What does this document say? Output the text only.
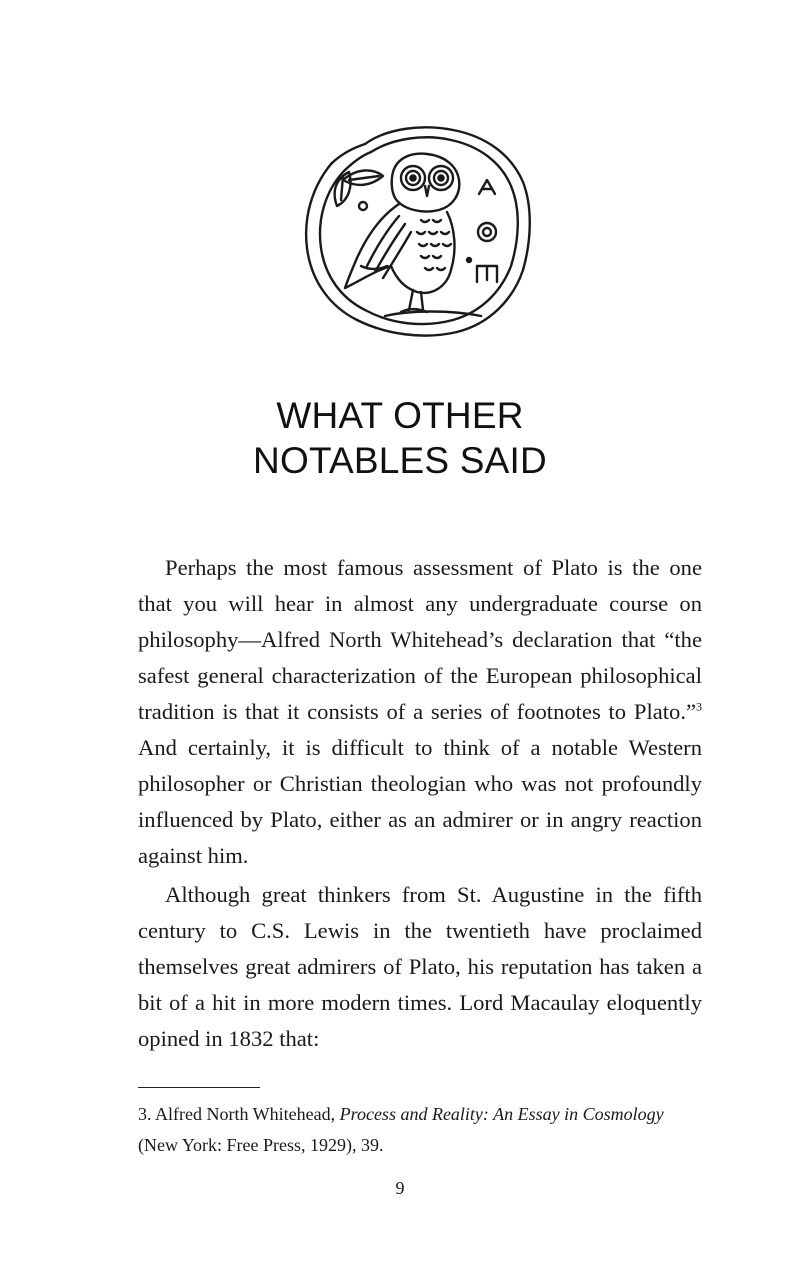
WHAT OTHER
NOTABLES SAID

Perhaps the most famous assessment of Plato is the one that you will hear in almost any undergraduate course on philosophy—Alfred North Whitehead’s declaration that “the safest general characterization of the European philosophical tradition is that it consists of a series of footnotes to Plato.”$^3$ And certainly, it is difficult to think of a notable Western philosopher or Christian theologian who was not profoundly influenced by Plato, either as an admirer or in angry reaction against him.

Although great thinkers from St. Augustine in the fifth century to C.S. Lewis in the twentieth have proclaimed themselves great admirers of Plato, his reputation has taken a bit of a hit in more modern times. Lord Macaulay eloquently opined in 1832 that:

3. Alfred North Whitehead, Process and Reality: An Essay in Cosmology (New York: Free Press, 1929), 39.

9
